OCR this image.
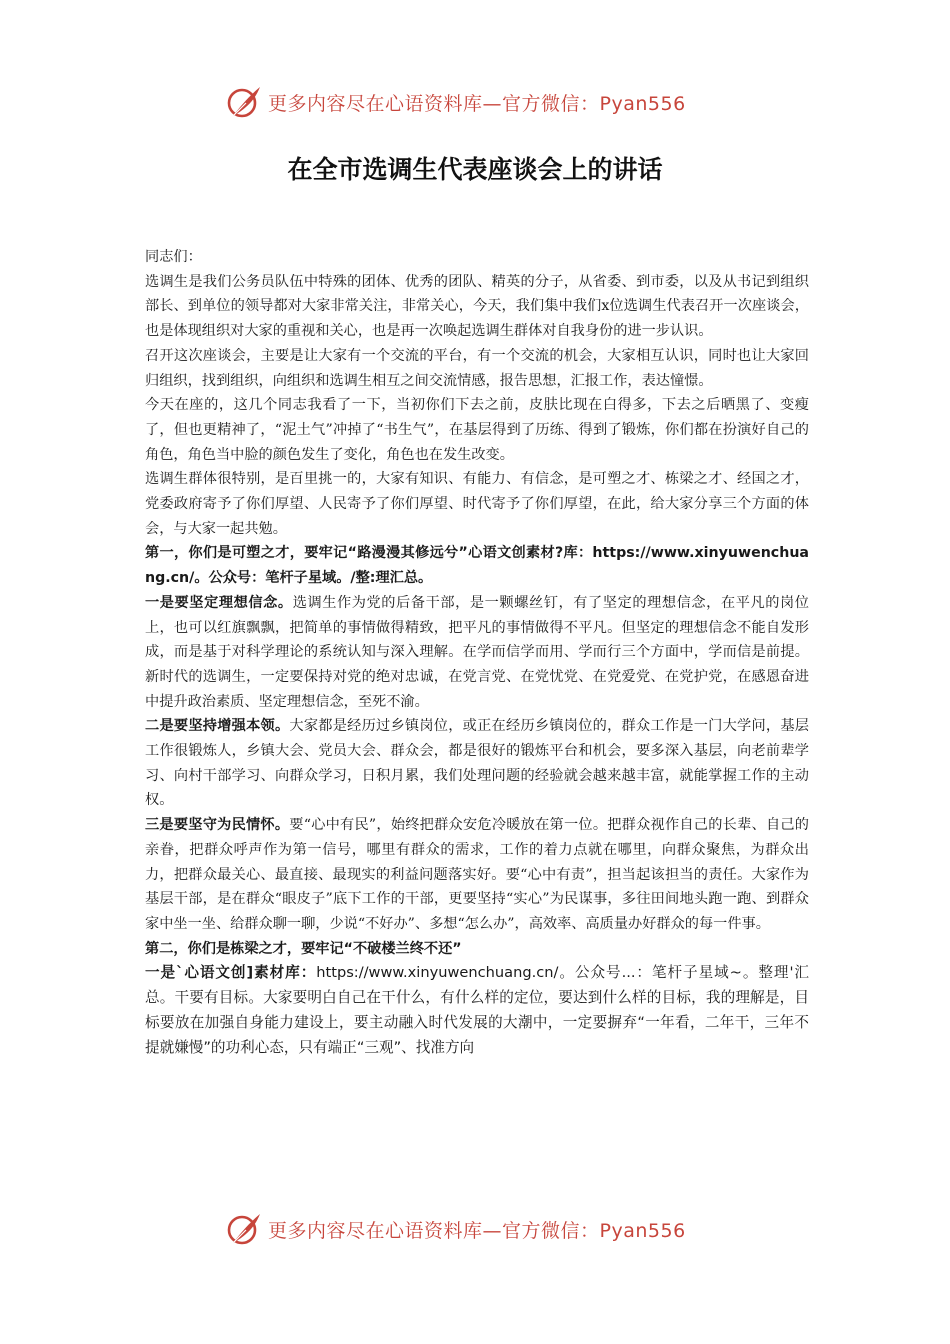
更多内容尽在心语资料库—官方微信：Pyan556
在全市选调生代表座谈会上的讲话

同志们：

选调生是我们公务员队伍中特殊的团体、优秀的团队、精英的分子，从省委、到市委，以及从书记到组织部长、到单位的领导都对大家非常关注，非常关心，今天，我们集中我们x位选调生代表召开一次座谈会，也是体现组织对大家的重视和关心，也是再一次唤起选调生群体对自我身份的进一步认识。

召开这次座谈会，主要是让大家有一个交流的平台，有一个交流的机会，大家相互认识，同时也让大家回归组织，找到组织，向组织和选调生相互之间交流情感，报告思想，汇报工作，表达憧憬。

今天在座的，这几个同志我看了一下，当初你们下去之前，皮肤比现在白得多，下去之后晒黑了、变瘦了，但也更精神了，“泥土气”冲掉了“书生气”，在基层得到了历练、得到了锻炼，你们都在扮演好自己的角色，角色当中脸的颜色发生了变化，角色也在发生改变。

选调生群体很特别，是百里挑一的，大家有知识、有能力、有信念，是可塑之才、栋梁之才、经国之才，党委政府寄予了你们厚望、人民寄予了你们厚望、时代寄予了你们厚望，在此，给大家分享三个方面的体会，与大家一起共勉。

第一，你们是可塑之才，要牢记“路漫漫其修远兮”心语文创素材?库：https://www.xinyuwenchuang.cn/。公众号：笔杆子星域。/整:理汇总。

一是要坚定理想信念。选调生作为党的后备干部，是一颗螺丝钉，有了坚定的理想信念，在平凡的岗位上，也可以红旗飘飘，把简单的事情做得精致，把平凡的事情做得不平凡。但坚定的理想信念不能自发形成，而是基于对科学理论的系统认知与深入理解。在学而信学而用、学而行三个方面中，学而信是前提。新时代的选调生，一定要保持对党的绝对忠诚，在党言党、在党忧党、在党爱党、在党护党，在感恩奋进中提升政治素质、坚定理想信念，至死不渝。

二是要坚持增强本领。大家都是经历过乡镇岗位，或正在经历乡镇岗位的，群众工作是一门大学问，基层工作很锻炼人，乡镇大会、党员大会、群众会，都是很好的锻炼平台和机会，要多深入基层，向老前辈学习、向村干部学习、向群众学习，日积月累，我们处理问题的经验就会越来越丰富，就能掌握工作的主动权。

三是要坚守为民情怀。要“心中有民”，始终把群众安危冷暖放在第一位。把群众视作自己的长辈、自己的亲眷，把群众呼声作为第一信号，哪里有群众的需求，工作的着力点就在哪里，向群众聚焦，为群众出力，把群众最关心、最直接、最现实的利益问题落实好。要“心中有责”，担当起该担当的责任。大家作为基层干部，是在群众“眼皮子”底下工作的干部，更要坚持“实心”为民谋事，多往田间地头跑一跑、到群众家中坐一坐、给群众聊一聊，少说“不好办”、多想“怎么办”，高效率、高质量办好群众的每一件事。

第二，你们是栋梁之才，要牢记“不破楼兰终不还”

一是`心语文创]素材库：https://www.xinyuwenchuang.cn/。公众号...：笔杆子星域~。整理'汇总。干要有目标。大家要明白自己在干什么，有什么样的定位，要达到什么样的目标，我的理解是，目标要放在加强自身能力建设上，要主动融入时代发展的大潮中，一定要摒弃“一年看，二年干，三年不提就嫌慢”的功利心态，只有端正“三观”、找准方向

更多内容尽在心语资料库—官方微信：Pyan556
